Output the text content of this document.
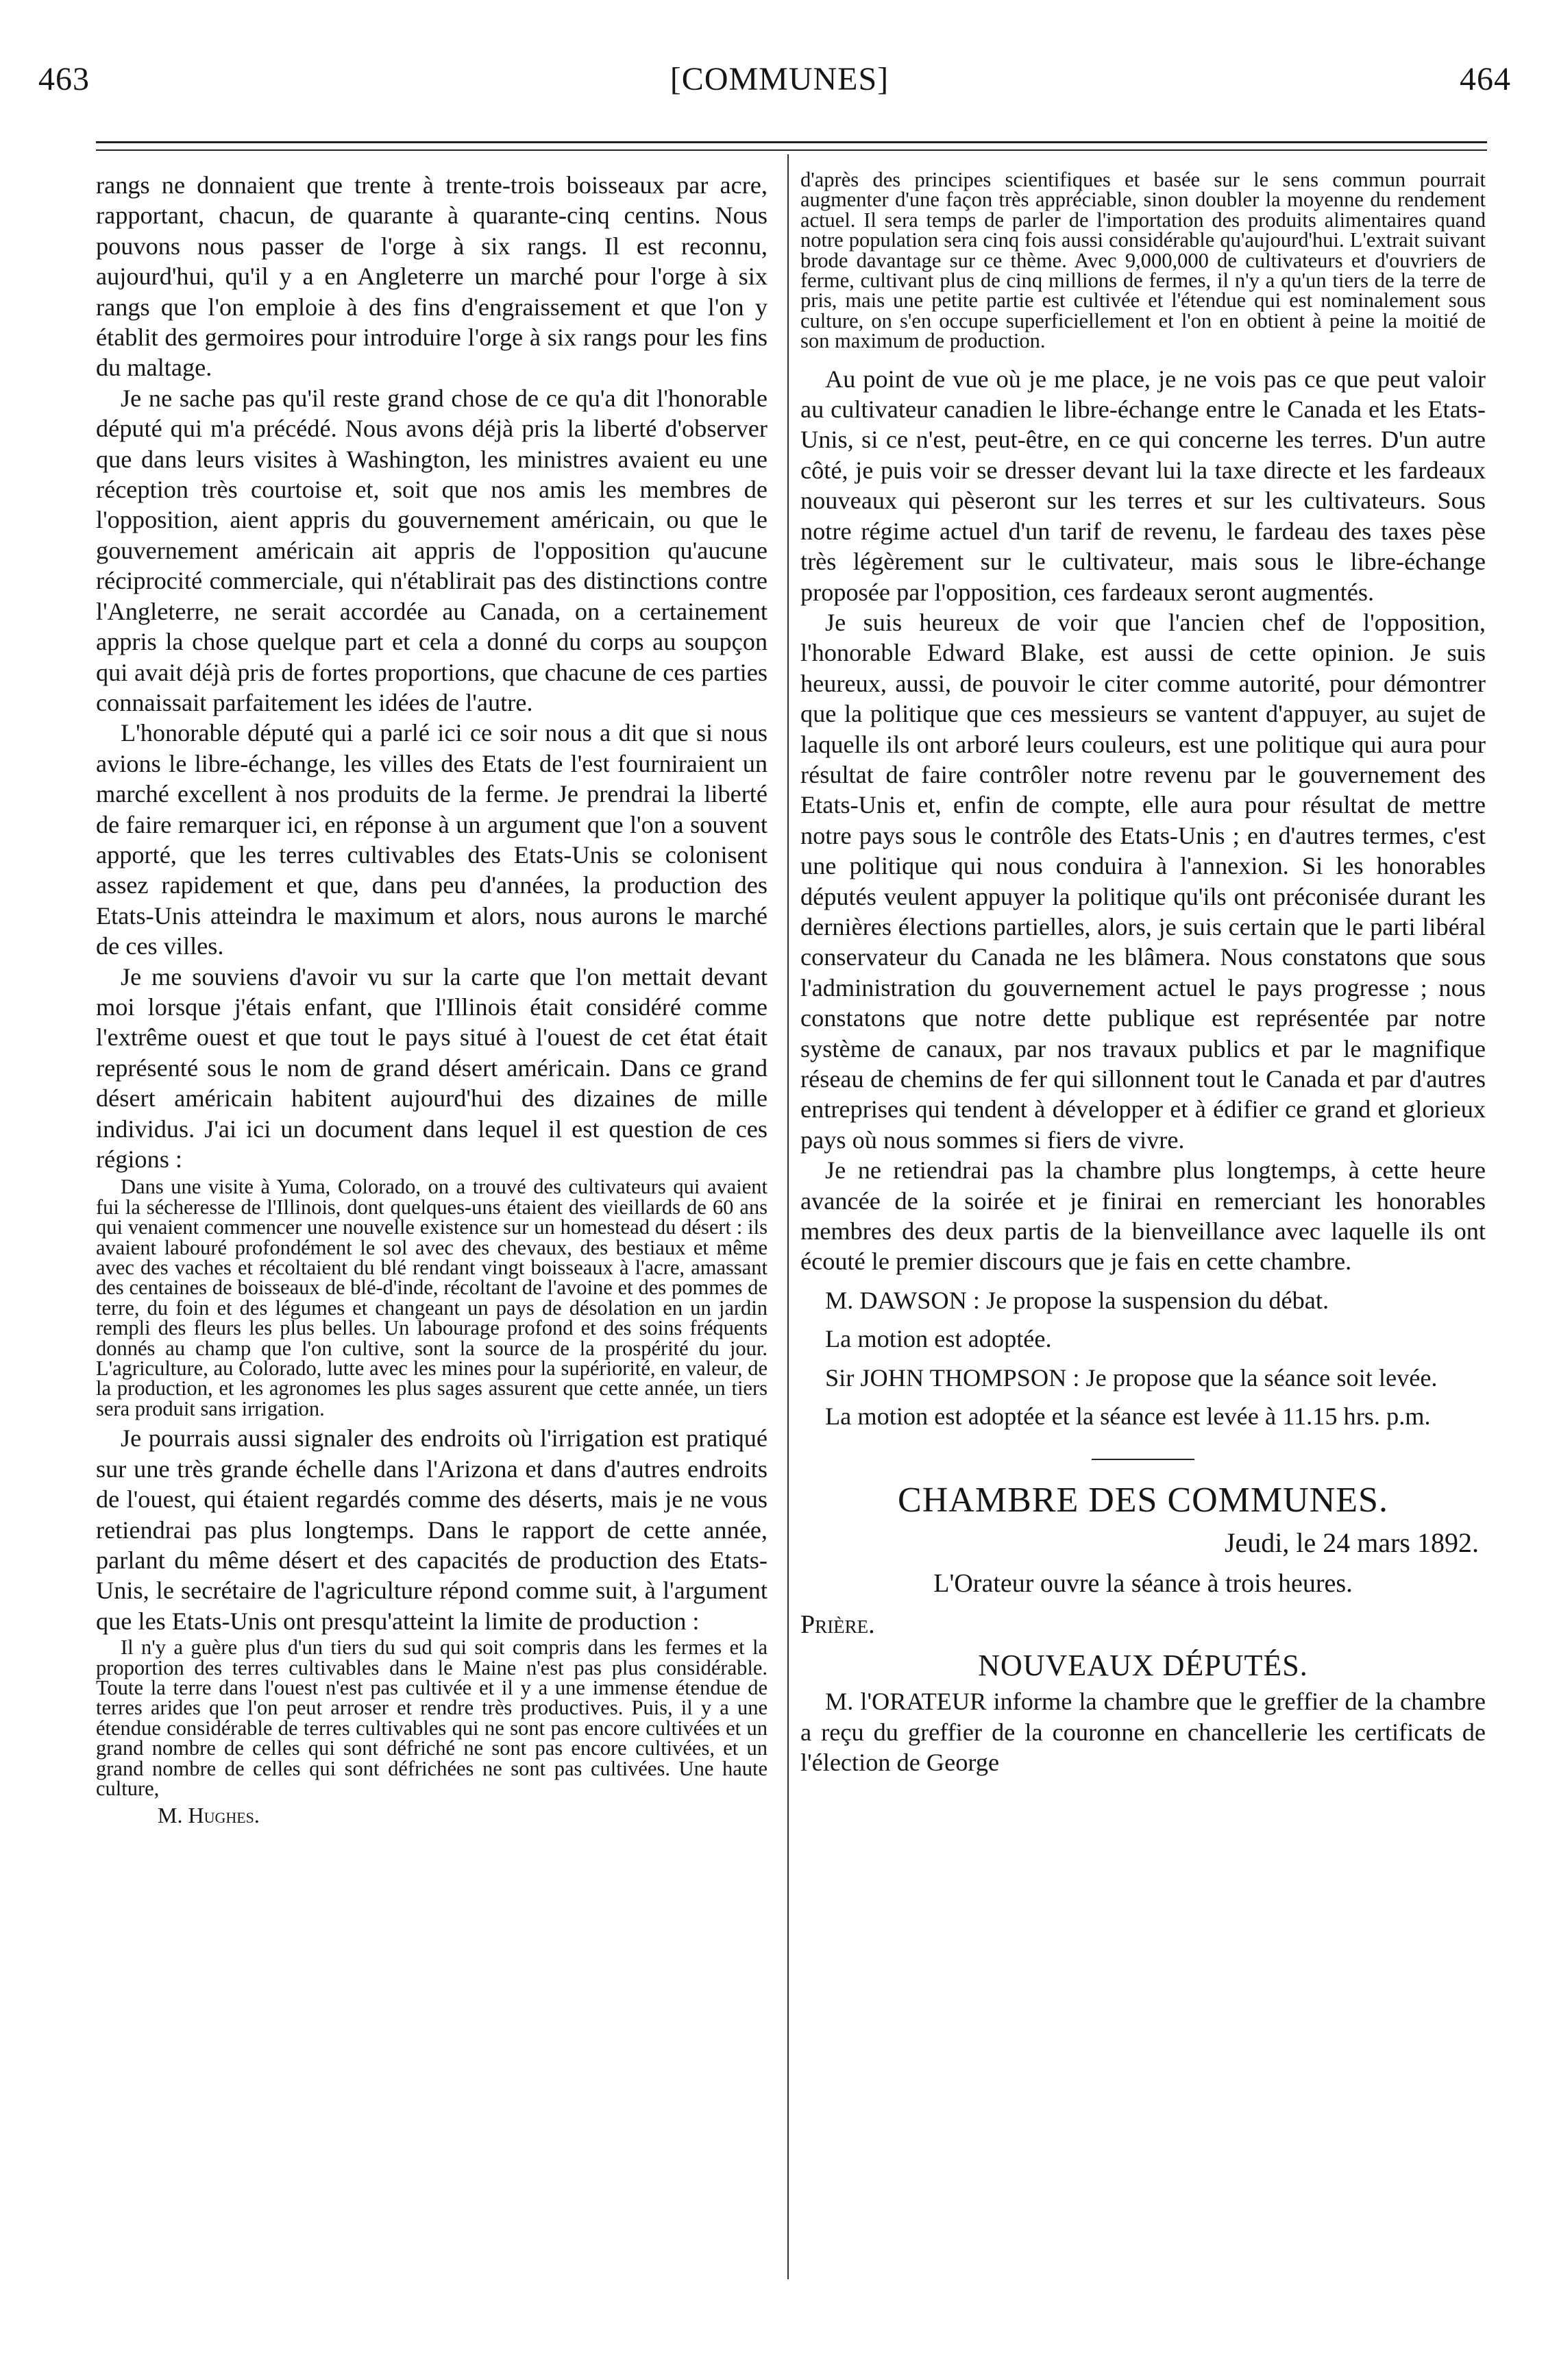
463	[COMMUNES]	464

rangs ne donnaient que trente à trente-trois boisseaux par acre, rapportant, chacun, de quarante à quarante-cinq centins. Nous pouvons nous passer de l'orge à six rangs. Il est reconnu, aujourd'hui, qu'il y a en Angleterre un marché pour l'orge à six rangs que l'on emploie à des fins d'engraissement et que l'on y établit des germoires pour introduire l'orge à six rangs pour les fins du maltage.

Je ne sache pas qu'il reste grand chose de ce qu'a dit l'honorable député qui m'a précédé. Nous avons déjà pris la liberté d'observer que dans leurs visites à Washington, les ministres avaient eu une réception très courtoise et, soit que nos amis les membres de l'opposition, aient appris du gouvernement américain, ou que le gouvernement américain ait appris de l'opposition qu'aucune réciprocité commerciale, qui n'établirait pas des distinctions contre l'Angleterre, ne serait accordée au Canada, on a certainement appris la chose quelque part et cela a donné du corps au soupçon qui avait déjà pris de fortes proportions, que chacune de ces parties connaissait parfaitement les idées de l'autre.

L'honorable député qui a parlé ici ce soir nous a dit que si nous avions le libre-échange, les villes des Etats de l'est fourniraient un marché excellent à nos produits de la ferme. Je prendrai la liberté de faire remarquer ici, en réponse à un argument que l'on a souvent apporté, que les terres cultivables des Etats-Unis se colonisent assez rapidement et que, dans peu d'années, la production des Etats-Unis atteindra le maximum et alors, nous aurons le marché de ces villes.

Je me souviens d'avoir vu sur la carte que l'on mettait devant moi lorsque j'étais enfant, que l'Illinois était considéré comme l'extrême ouest et que tout le pays situé à l'ouest de cet état était représenté sous le nom de grand désert américain. Dans ce grand désert américain habitent aujourd'hui des dizaines de mille individus. J'ai ici un document dans lequel il est question de ces régions :

Dans une visite à Yuma, Colorado, on a trouvé des cultivateurs qui avaient fui la sécheresse de l'Illinois, dont quelques-uns étaient des vieillards de 60 ans qui venaient commencer une nouvelle existence sur un homestead du désert : ils avaient labouré profondément le sol avec des chevaux, des bestiaux et même avec des vaches et récoltaient du blé rendant vingt boisseaux à l'acre, amassant des centaines de boisseaux de blé-d'inde, récoltant de l'avoine et des pommes de terre, du foin et des légumes et changeant un pays de désolation en un jardin rempli des fleurs les plus belles. Un labourage profond et des soins fréquents donnés au champ que l'on cultive, sont la source de la prospérité du jour. L'agriculture, au Colorado, lutte avec les mines pour la supériorité, en valeur, de la production, et les agronomes les plus sages assurent que cette année, un tiers sera produit sans irrigation.

Je pourrais aussi signaler des endroits où l'irrigation est pratiqué sur une très grande échelle dans l'Arizona et dans d'autres endroits de l'ouest, qui étaient regardés comme des déserts, mais je ne vous retiendrai pas plus longtemps. Dans le rapport de cette année, parlant du même désert et des capacités de production des Etats-Unis, le secrétaire de l'agriculture répond comme suit, à l'argument que les Etats-Unis ont presqu'atteint la limite de production :

Il n'y a guère plus d'un tiers du sud qui soit compris dans les fermes et la proportion des terres cultivables dans le Maine n'est pas plus considérable. Toute la terre dans l'ouest n'est pas cultivée et il y a une immense étendue de terres arides que l'on peut arroser et rendre très productives. Puis, il y a une étendue considérable de terres cultivables qui ne sont pas encore cultivées et un grand nombre de celles qui sont défriché ne sont pas encore cultivées, et un grand nombre de celles qui sont défrichées ne sont pas cultivées. Une haute culture,

M. Hughes.

d'après des principes scientifiques et basée sur le sens commun pourrait augmenter d'une façon très appréciable, sinon doubler la moyenne du rendement actuel. Il sera temps de parler de l'importation des produits alimentaires quand notre population sera cinq fois aussi considérable qu'aujourd'hui. L'extrait suivant brode davantage sur ce thème. Avec 9,000,000 de cultivateurs et d'ouvriers de ferme, cultivant plus de cinq millions de fermes, il n'y a qu'un tiers de la terre de pris, mais une petite partie est cultivée et l'étendue qui est nominalement sous culture, on s'en occupe superficiellement et l'on en obtient à peine la moitié de son maximum de production.

Au point de vue où je me place, je ne vois pas ce que peut valoir au cultivateur canadien le libre-échange entre le Canada et les Etats-Unis, si ce n'est, peut-être, en ce qui concerne les terres. D'un autre côté, je puis voir se dresser devant lui la taxe directe et les fardeaux nouveaux qui pèseront sur les terres et sur les cultivateurs. Sous notre régime actuel d'un tarif de revenu, le fardeau des taxes pèse très légèrement sur le cultivateur, mais sous le libre-échange proposée par l'opposition, ces fardeaux seront augmentés.

Je suis heureux de voir que l'ancien chef de l'opposition, l'honorable Edward Blake, est aussi de cette opinion. Je suis heureux, aussi, de pouvoir le citer comme autorité, pour démontrer que la politique que ces messieurs se vantent d'appuyer, au sujet de laquelle ils ont arboré leurs couleurs, est une politique qui aura pour résultat de faire contrôler notre revenu par le gouvernement des Etats-Unis et, enfin de compte, elle aura pour résultat de mettre notre pays sous le contrôle des Etats-Unis ; en d'autres termes, c'est une politique qui nous conduira à l'annexion. Si les honorables députés veulent appuyer la politique qu'ils ont préconisée durant les dernières élections partielles, alors, je suis certain que le parti libéral conservateur du Canada ne les blâmera. Nous constatons que sous l'administration du gouvernement actuel le pays progresse ; nous constatons que notre dette publique est représentée par notre système de canaux, par nos travaux publics et par le magnifique réseau de chemins de fer qui sillonnent tout le Canada et par d'autres entreprises qui tendent à développer et à édifier ce grand et glorieux pays où nous sommes si fiers de vivre.

Je ne retiendrai pas la chambre plus longtemps, à cette heure avancée de la soirée et je finirai en remerciant les honorables membres des deux partis de la bienveillance avec laquelle ils ont écouté le premier discours que je fais en cette chambre.

M. DAWSON : Je propose la suspension du débat.

La motion est adoptée.

Sir JOHN THOMPSON : Je propose que la séance soit levée.

La motion est adoptée et la séance est levée à 11.15 hrs. p.m.

CHAMBRE DES COMMUNES.
Jeudi, le 24 mars 1892.
L'Orateur ouvre la séance à trois heures.
Prière.
NOUVEAUX DÉPUTÉS.

M. l'ORATEUR informe la chambre que le greffier de la chambre a reçu du greffier de la couronne en chancellerie les certificats de l'élection de George
